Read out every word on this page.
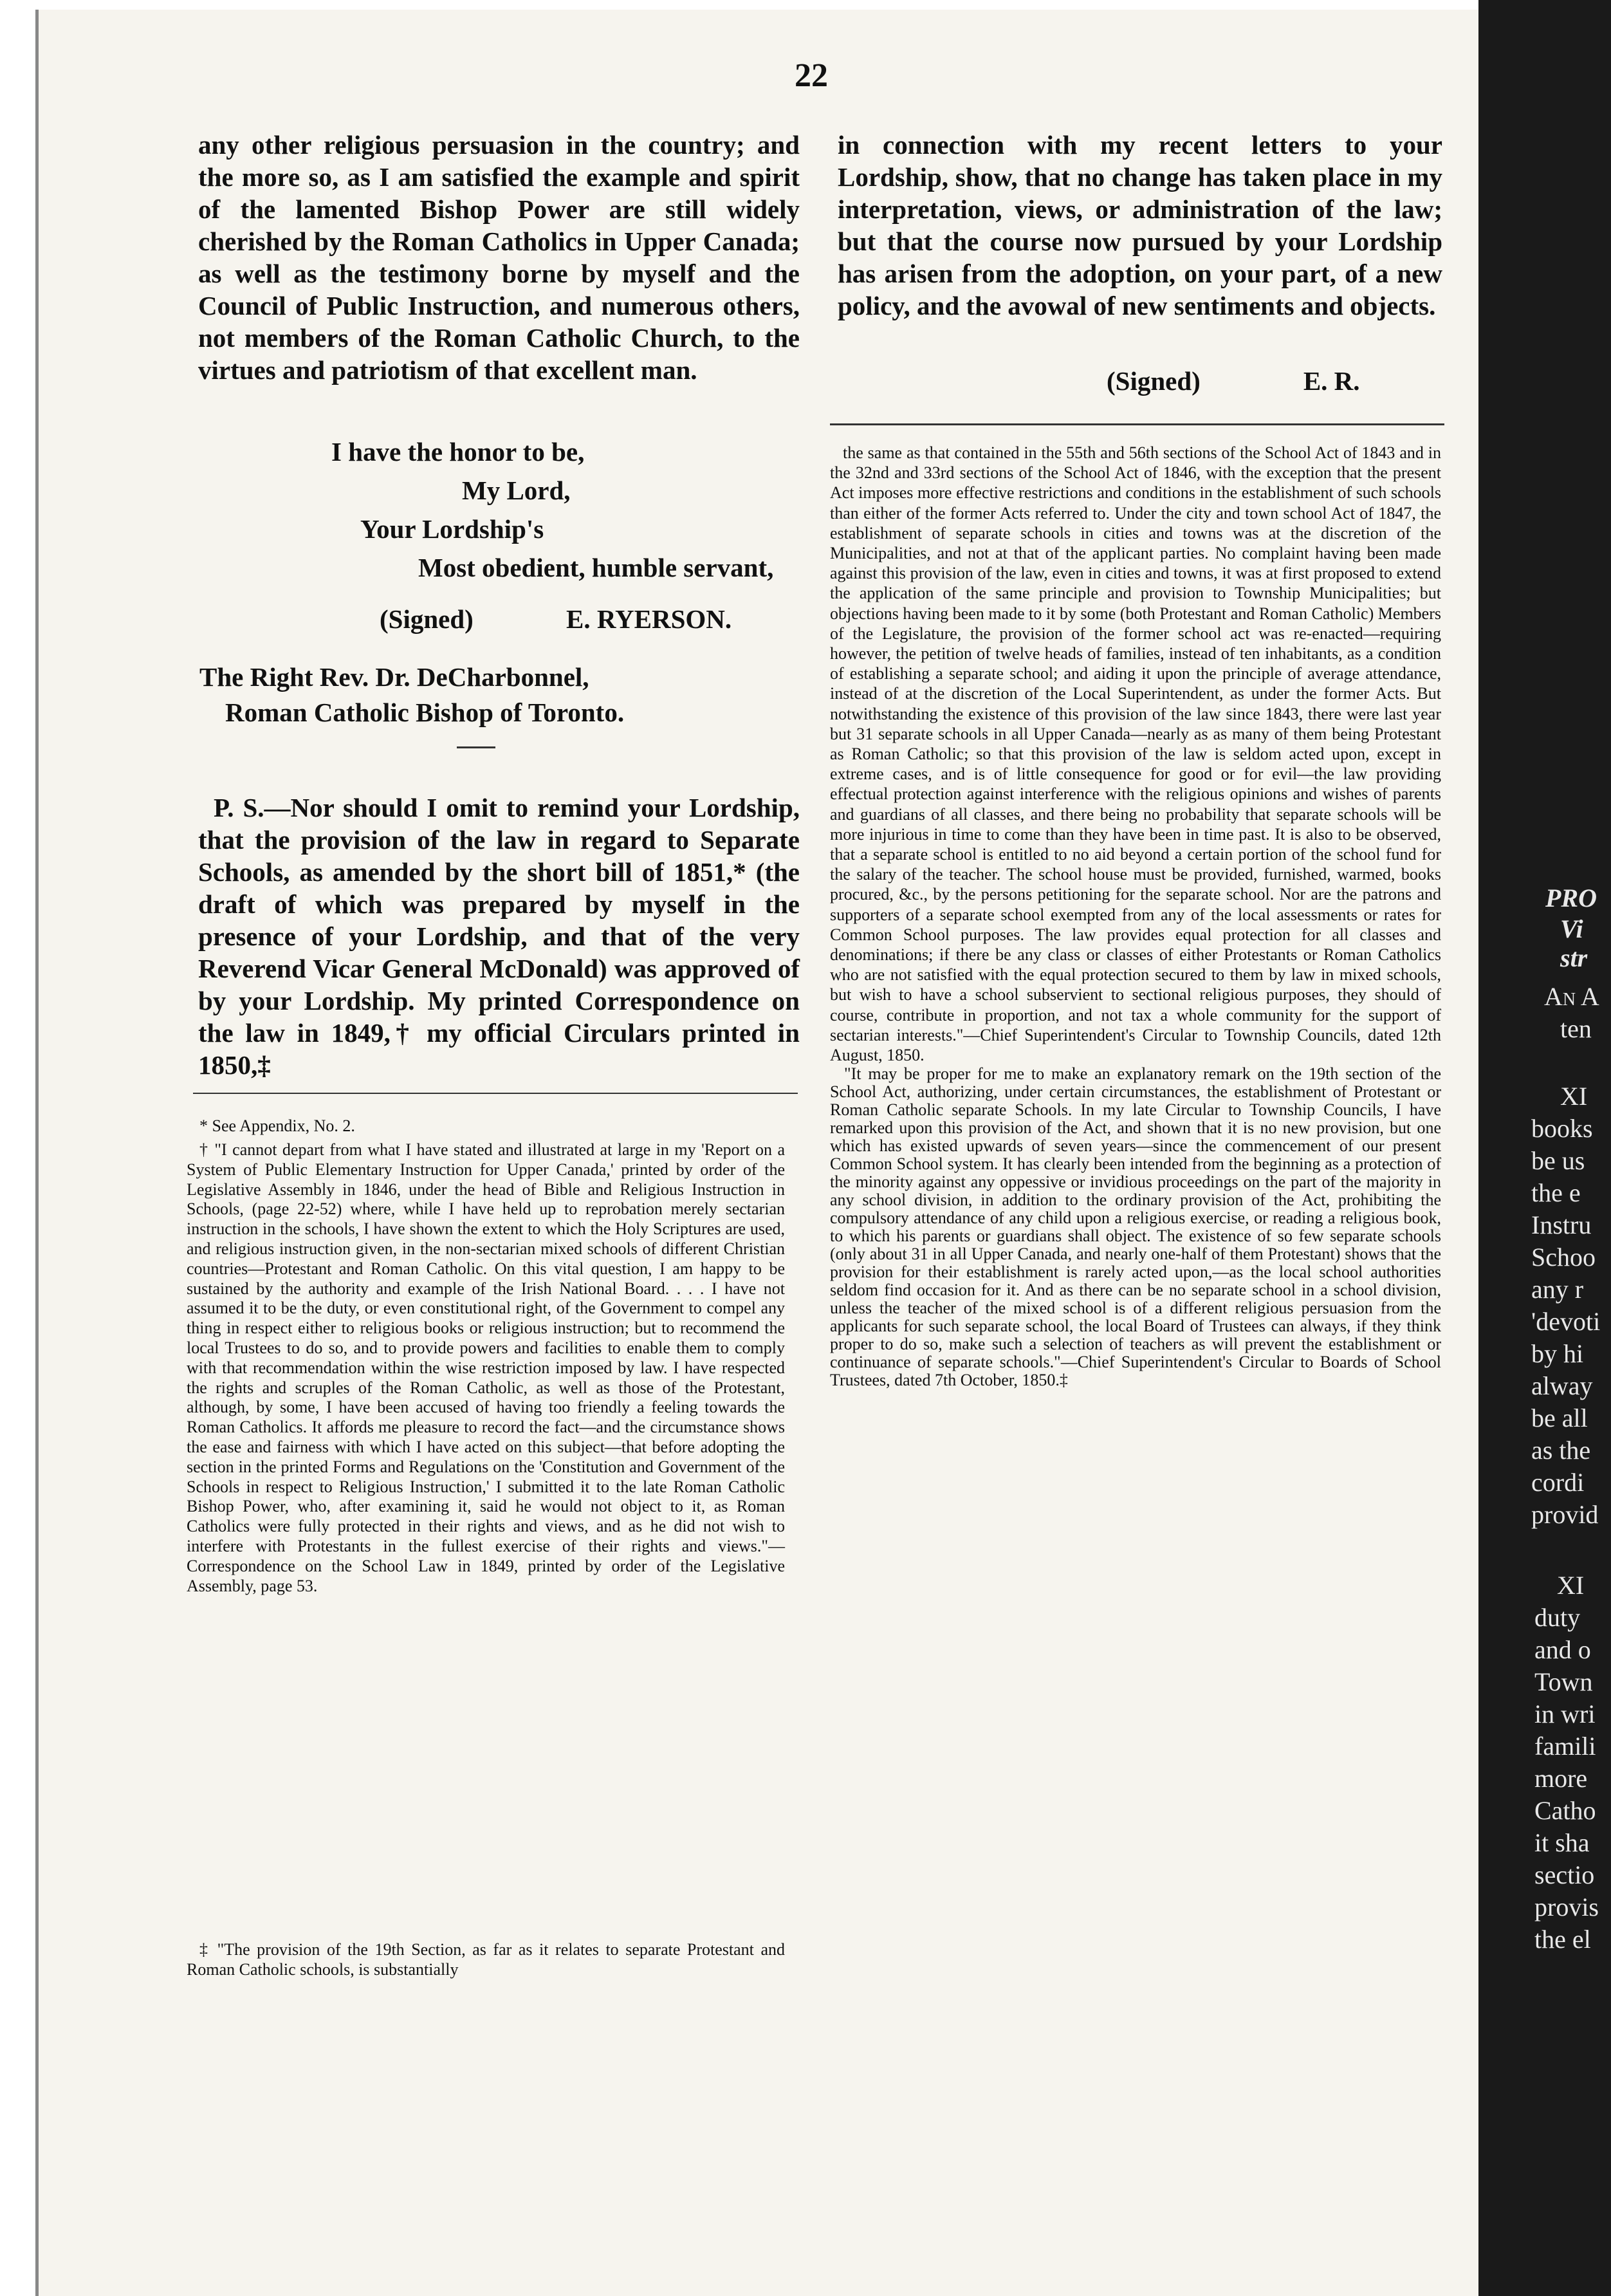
22
any other religious persuasion in the country; and the more so, as I am satisfied the example and spirit of the lamented Bishop Power are still widely cherished by the Roman Catholics in Upper Canada; as well as the testimony borne by myself and the Council of Public Instruction, and numerous others, not members of the Roman Catholic Church, to the virtues and patriotism of that excellent man.
I have the honor to be,
My Lord,
Your Lordship's
Most obedient, humble servant,
(Signed)	E. RYERSON.
The Right Rev. Dr. DeCharbonnel,
Roman Catholic Bishop of Toronto.
P. S.—Nor should I omit to remind your Lordship, that the provision of the law in regard to Separate Schools, as amended by the short bill of 1851,* (the draft of which was prepared by myself in the presence of your Lordship, and that of the very Reverend Vicar General McDonald) was approved of by your Lordship. My printed Correspondence on the law in 1849,† my official Circulars printed in 1850,‡

* See Appendix, No. 2.

† "I cannot depart from what I have stated and illustrated at large in my 'Report on a System of Public Elementary Instruction for Upper Canada,' printed by order of the Legislative Assembly in 1846, under the head of Bible and Religious Instruction in Schools, (page 22-52) where, while I have held up to reprobation merely sectarian instruction in the schools, I have shown the extent to which the Holy Scriptures are used, and religious instruction given, in the non-sectarian mixed schools of different Christian countries—Protestant and Roman Catholic. On this vital question, I am happy to be sustained by the authority and example of the Irish National Board. . . . I have not assumed it to be the duty, or even constitutional right, of the Government to compel any thing in respect either to religious books or religious instruction; but to recommend the local Trustees to do so, and to provide powers and facilities to enable them to comply with that recommendation within the wise restriction imposed by law. I have respected the rights and scruples of the Roman Catholic, as well as those of the Protestant, although, by some, I have been accused of having too friendly a feeling towards the Roman Catholics. It affords me pleasure to record the fact—and the circumstance shows the ease and fairness with which I have acted on this subject—that before adopting the section in the printed Forms and Regulations on the 'Constitution and Government of the Schools in respect to Religious Instruction,' I submitted it to the late Roman Catholic Bishop Power, who, after examining it, said he would not object to it, as Roman Catholics were fully protected in their rights and views, and as he did not wish to interfere with Protestants in the fullest exercise of their rights and views."—Correspondence on the School Law in 1849, printed by order of the Legislative Assembly, page 53.

‡ "The provision of the 19th Section, as far as it relates to separate Protestant and Roman Catholic schools, is substantially

in connection with my recent letters to your Lordship, show, that no change has taken place in my interpretation, views, or administration of the law; but that the course now pursued by your Lordship has arisen from the adoption, on your part, of a new policy, and the avowal of new sentiments and objects.
(Signed)	E. R.

the same as that contained in the 55th and 56th sections of the School Act of 1843 and in the 32nd and 33rd sections of the School Act of 1846, with the exception that the present Act imposes more effective restrictions and conditions in the establishment of such schools than either of the former Acts referred to. Under the city and town school Act of 1847, the establishment of separate schools in cities and towns was at the discretion of the Municipalities, and not at that of the applicant parties. No complaint having been made against this provision of the law, even in cities and towns, it was at first proposed to extend the application of the same principle and provision to Township Municipalities; but objections having been made to it by some (both Protestant and Roman Catholic) Members of the Legislature, the provision of the former school act was re-enacted—requiring however, the petition of twelve heads of families, instead of ten inhabitants, as a condition of establishing a separate school; and aiding it upon the principle of average attendance, instead of at the discretion of the Local Superintendent, as under the former Acts. But notwithstanding the existence of this provision of the law since 1843, there were last year but 31 separate schools in all Upper Canada—nearly as as many of them being Protestant as Roman Catholic; so that this provision of the law is seldom acted upon, except in extreme cases, and is of little consequence for good or for evil—the law providing effectual protection against interference with the religious opinions and wishes of parents and guardians of all classes, and there being no probability that separate schools will be more injurious in time to come than they have been in time past. It is also to be observed, that a separate school is entitled to no aid beyond a certain portion of the school fund for the salary of the teacher. The school house must be provided, furnished, warmed, books procured, &c., by the persons petitioning for the separate school. Nor are the patrons and supporters of a separate school exempted from any of the local assessments or rates for Common School purposes. The law provides equal protection for all classes and denominations; if there be any class or classes of either Protestants or Roman Catholics who are not satisfied with the equal protection secured to them by law in mixed schools, but wish to have a school subservient to sectional religious purposes, they should of course, contribute in proportion, and not tax a whole community for the support of sectarian interests."—Chief Superintendent's Circular to Township Councils, dated 12th August, 1850.

"It may be proper for me to make an explanatory remark on the 19th section of the School Act, authorizing, under certain circumstances, the establishment of Protestant or Roman Catholic separate Schools. In my late Circular to Township Councils, I have remarked upon this provision of the Act, and shown that it is no new provision, but one which has existed upwards of seven years—since the commencement of our present Common School system. It has clearly been intended from the beginning as a protection of the minority against any oppessive or invidious proceedings on the part of the majority in any school division, in addition to the ordinary provision of the Act, prohibiting the compulsory attendance of any child upon a religious exercise, or reading a religious book, to which his parents or guardians shall object. The existence of so few separate schools (only about 31 in all Upper Canada, and nearly one-half of them Protestant) shows that the provision for their establishment is rarely acted upon,—as the local school authorities seldom find occasion for it. And as there can be no separate school in a school division, unless the teacher of the mixed school is of a different religious persuasion from the applicants for such separate school, the local Board of Trustees can always, if they think proper to do so, make such a selection of teachers as will prevent the establishment or continuance of separate schools."—Chief Superintendent's Circular to Boards of School Trustees, dated 7th October, 1850.‡

PRO
Vi
str
An A
ten
XI
books
be us
the e
Instru
Schoo
any r
'devoti
by hi
alway
be all
as the
cordi
provid
XI
duty
and o
Town
in wri
famili
more
Catho
it sha
sectio
provis
the el
